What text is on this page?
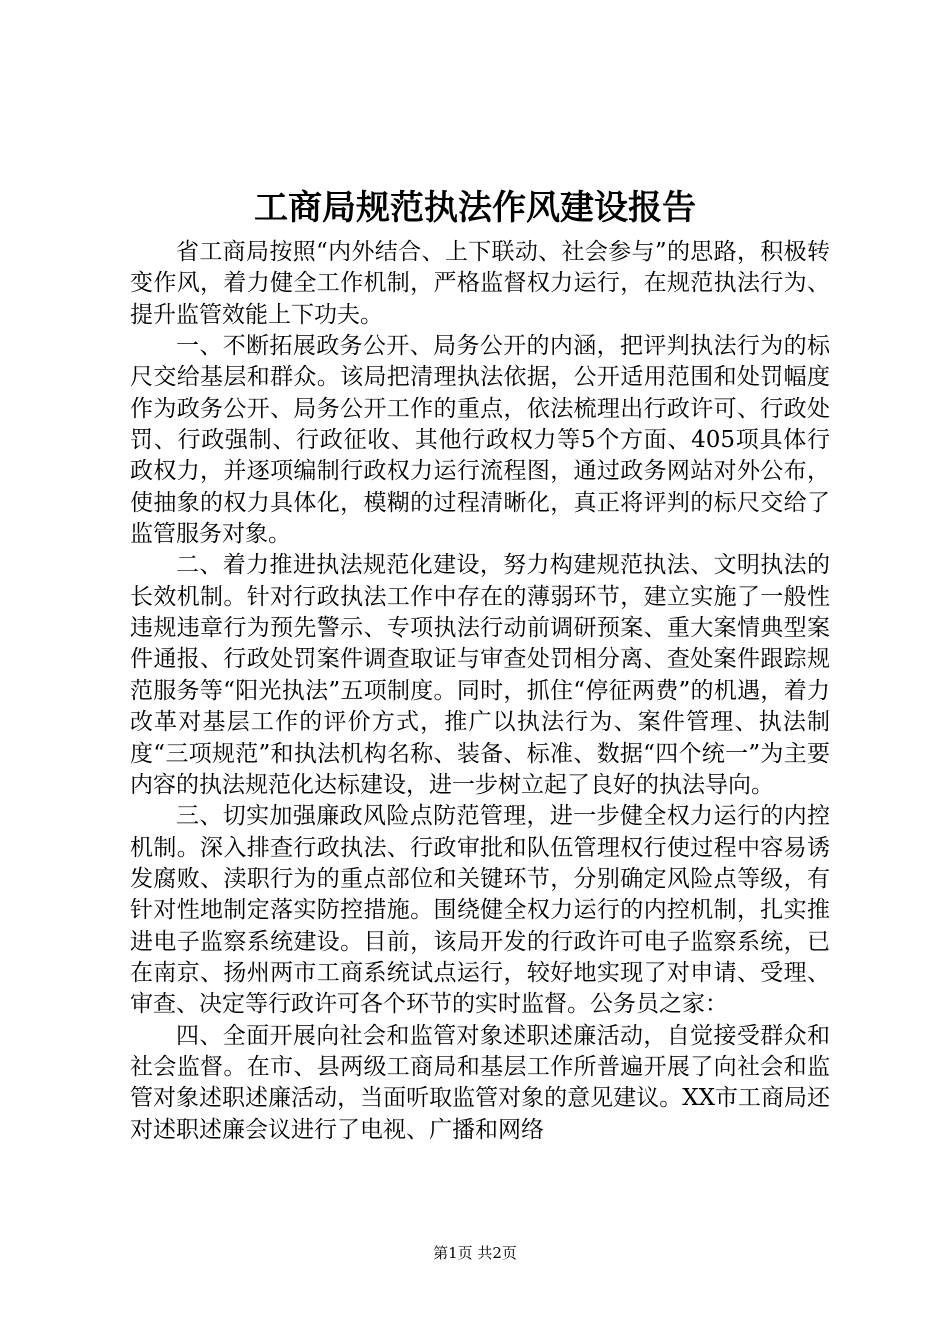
工商局规范执法作风建设报告

省工商局按照“内外结合、上下联动、社会参与”的思路，积极转变作风，着力健全工作机制，严格监督权力运行，在规范执法行为、提升监管效能上下功夫。

一、不断拓展政务公开、局务公开的内涵，把评判执法行为的标尺交给基层和群众。该局把清理执法依据，公开适用范围和处罚幅度作为政务公开、局务公开工作的重点，依法梳理出行政许可、行政处罚、行政强制、行政征收、其他行政权力等5个方面、405项具体行政权力，并逐项编制行政权力运行流程图，通过政务网站对外公布，使抽象的权力具体化，模糊的过程清晰化，真正将评判的标尺交给了监管服务对象。

二、着力推进执法规范化建设，努力构建规范执法、文明执法的长效机制。针对行政执法工作中存在的薄弱环节，建立实施了一般性违规违章行为预先警示、专项执法行动前调研预案、重大案情典型案件通报、行政处罚案件调查取证与审查处罚相分离、查处案件跟踪规范服务等“阳光执法”五项制度。同时，抓住“停征两费”的机遇，着力改革对基层工作的评价方式，推广以执法行为、案件管理、执法制度“三项规范”和执法机构名称、装备、标准、数据“四个统一”为主要内容的执法规范化达标建设，进一步树立起了良好的执法导向。

三、切实加强廉政风险点防范管理，进一步健全权力运行的内控机制。深入排查行政执法、行政审批和队伍管理权行使过程中容易诱发腐败、渎职行为的重点部位和关键环节，分别确定风险点等级，有针对性地制定落实防控措施。围绕健全权力运行的内控机制，扎实推进电子监察系统建设。目前，该局开发的行政许可电子监察系统，已在南京、扬州两市工商系统试点运行，较好地实现了对申请、受理、审查、决定等行政许可各个环节的实时监督。公务员之家：

四、全面开展向社会和监管对象述职述廉活动，自觉接受群众和社会监督。在市、县两级工商局和基层工作所普遍开展了向社会和监管对象述职述廉活动，当面听取监管对象的意见建议。XX市工商局还对述职述廉会议进行了电视、广播和网络

第1页 共2页
